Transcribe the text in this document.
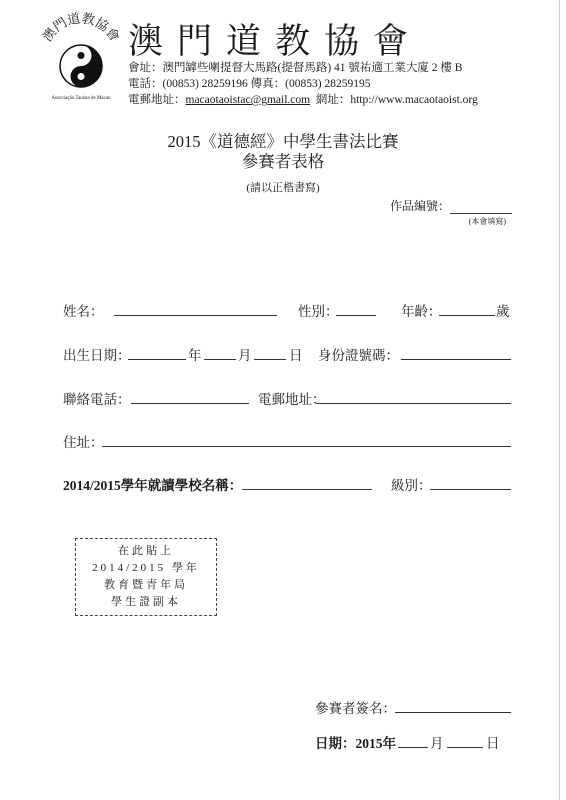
澳門道教協會
Associação Tauista de Macau
澳門道教協會
會址：澳門罅些喇提督大馬路(提督馬路) 41 號祐適工業大廈 2 樓 B
電話：(00853) 28259196 傳真：(00853) 28259195
電郵地址：macaotaoistac@gmail.com 網址：http://www.macaotaoist.org
2015《道德經》中學生書法比賽
參賽者表格
(請以正楷書寫)
作品編號：
(本會填寫)
姓名：	性別：	年齡：	歲
出生日期：	年	月	日 身份證號碼：
聯絡電話：	電郵地址：
住址：
2014/2015學年就讀學校名稱：	級別：
在此貼上
2014/2015 學年
教育暨青年局
學生證副本
參賽者簽名：
日期：2015年	月	日
